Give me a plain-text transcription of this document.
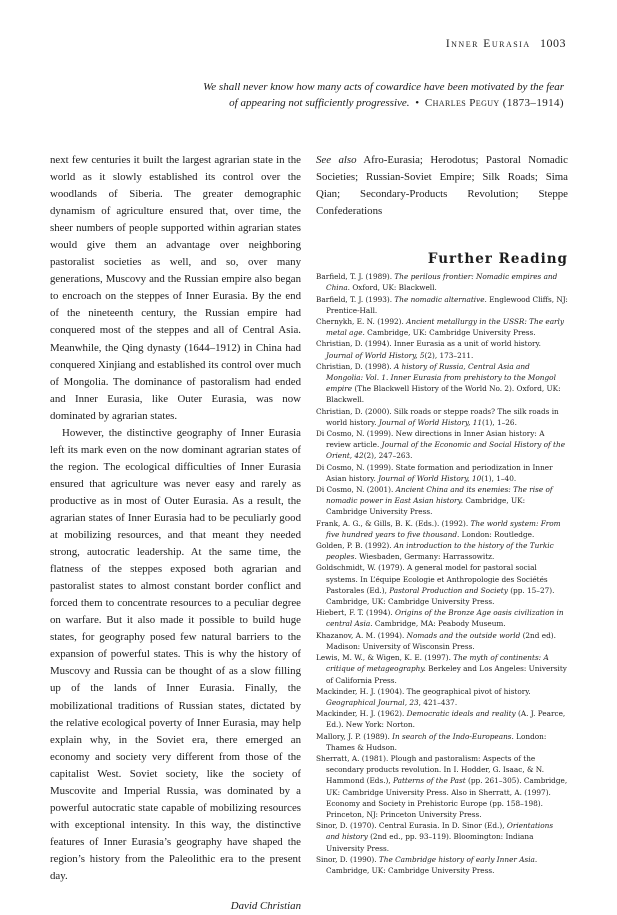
Inner Eurasia 1003
We shall never know how many acts of cowardice have been motivated by the fear
of appearing not sufficiently progressive. • Charles Peguy (1873–1914)

next few centuries it built the largest agrarian state in the world as it slowly established its control over the woodlands of Siberia. The greater demographic dynamism of agriculture ensured that, over time, the sheer numbers of people supported within agrarian states would give them an advantage over neighboring pastoralist societies as well, and so, over many generations, Muscovy and the Russian empire also began to encroach on the steppes of Inner Eurasia. By the end of the nineteenth century, the Russian empire had conquered most of the steppes and all of Central Asia. Meanwhile, the Qing dynasty (1644–1912) in China had conquered Xinjiang and established its control over much of Mongolia. The dominance of pastoralism had ended and Inner Eurasia, like Outer Eurasia, was now dominated by agrarian states.

However, the distinctive geography of Inner Eurasia left its mark even on the now dominant agrarian states of the region. The ecological difficulties of Inner Eurasia ensured that agriculture was never easy and rarely as productive as in most of Outer Eurasia. As a result, the agrarian states of Inner Eurasia had to be peculiarly good at mobilizing resources, and that meant they needed strong, autocratic leadership. At the same time, the flatness of the steppes exposed both agrarian and pastoralist states to almost constant border conflict and forced them to concentrate resources to a peculiar degree on warfare. But it also made it possible to build huge states, for geography posed few natural barriers to the expansion of powerful states. This is why the history of Muscovy and Russia can be thought of as a slow filling up of the lands of Inner Eurasia. Finally, the mobilizational traditions of Russian states, dictated by the relative ecological poverty of Inner Eurasia, may help explain why, in the Soviet era, there emerged an economy and society very different from those of the capitalist West. Soviet society, like the society of Muscovite and Imperial Russia, was dominated by a powerful autocratic state capable of mobilizing resources with exceptional intensity. In this way, the distinctive features of Inner Eurasia’s geography have shaped the region’s history from the Paleolithic era to the present day.

David Christian

See also Afro-Eurasia; Herodotus; Pastoral Nomadic Societies; Russian-Soviet Empire; Silk Roads; Sima Qian; Secondary-Products Revolution; Steppe Confederations

Further Reading

Barfield, T. J. (1989). The perilous frontier: Nomadic empires and China. Oxford, UK: Blackwell.

Barfield, T. J. (1993). The nomadic alternative. Englewood Cliffs, NJ: Prentice-Hall.

Chernykh, E. N. (1992). Ancient metallurgy in the USSR: The early metal age. Cambridge, UK: Cambridge University Press.

Christian, D. (1994). Inner Eurasia as a unit of world history. Journal of World History, 5(2), 173–211.

Christian, D. (1998). A history of Russia, Central Asia and Mongolia: Vol. 1. Inner Eurasia from prehistory to the Mongol empire (The Blackwell History of the World No. 2). Oxford, UK: Blackwell.

Christian, D. (2000). Silk roads or steppe roads? The silk roads in world history. Journal of World History, 11(1), 1–26.

Di Cosmo, N. (1999). New directions in Inner Asian history: A review article. Journal of the Economic and Social History of the Orient, 42(2), 247–263.

Di Cosmo, N. (1999). State formation and periodization in Inner Asian history. Journal of World History, 10(1), 1–40.

Di Cosmo, N. (2001). Ancient China and its enemies: The rise of nomadic power in East Asian history. Cambridge, UK: Cambridge University Press.

Frank, A. G., & Gills, B. K. (Eds.). (1992). The world system: From five hundred years to five thousand. London: Routledge.

Golden, P. B. (1992). An introduction to the history of the Turkic peoples. Wiesbaden, Germany: Harrassowitz.

Goldschmidt, W. (1979). A general model for pastoral social systems. In L’équipe Ecologie et Anthropologie des Sociétés Pastorales (Ed.), Pastoral Production and Society (pp. 15–27). Cambridge, UK: Cambridge University Press.

Hiebert, F. T. (1994). Origins of the Bronze Age oasis civilization in central Asia. Cambridge, MA: Peabody Museum.

Khazanov, A. M. (1994). Nomads and the outside world (2nd ed). Madison: University of Wisconsin Press.

Lewis, M. W., & Wigen, K. E. (1997). The myth of continents: A critique of metageography. Berkeley and Los Angeles: University of California Press.

Mackinder, H. J. (1904). The geographical pivot of history. Geographical Journal, 23, 421–437.

Mackinder, H. J. (1962). Democratic ideals and reality (A. J. Pearce, Ed.). New York: Norton.

Mallory, J. P. (1989). In search of the Indo-Europeans. London: Thames & Hudson.

Sherratt, A. (1981). Plough and pastoralism: Aspects of the secondary products revolution. In I. Hodder, G. Isaac, & N. Hammond (Eds.), Patterns of the Past (pp. 261–305). Cambridge, UK: Cambridge University Press. Also in Sherratt, A. (1997). Economy and Society in Prehistoric Europe (pp. 158–198). Princeton, NJ: Princeton University Press.

Sinor, D. (1970). Central Eurasia. In D. Sinor (Ed.), Orientations and history (2nd ed., pp. 93–119). Bloomington: Indiana University Press.

Sinor, D. (1990). The Cambridge history of early Inner Asia. Cambridge, UK: Cambridge University Press.
